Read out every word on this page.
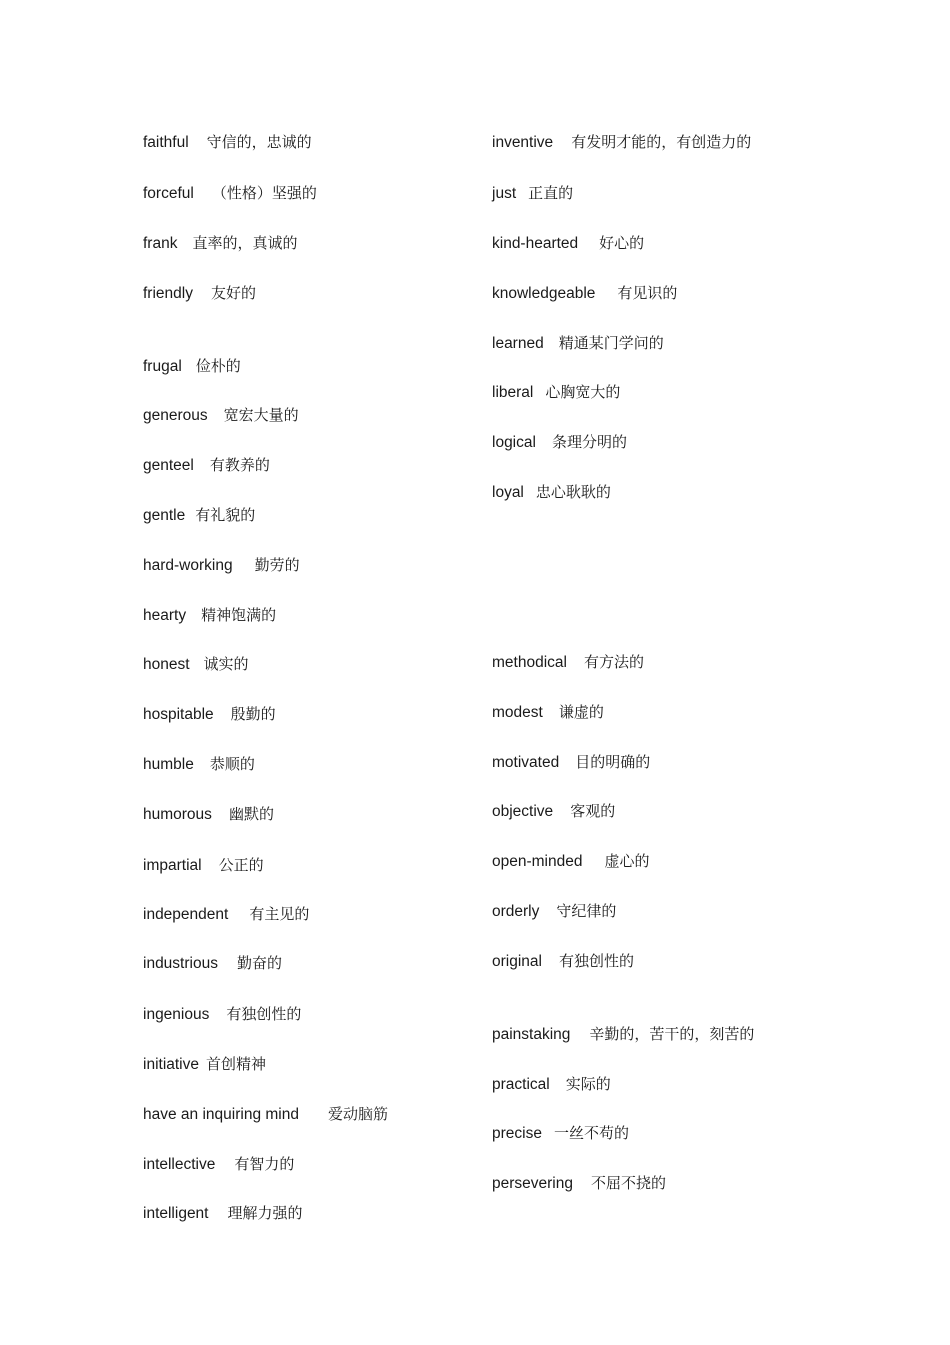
faithful 守信的，忠诚的
forceful （性格）坚强的
frank 直率的，真诚的
friendly 友好的
frugal 俭朴的
generous 宽宏大量的
genteel 有教养的
gentle 有礼貌的
hard-working 勤劳的
hearty 精神饱满的
honest 诚实的
hospitable 殷勤的
humble 恭顺的
humorous 幽默的
impartial 公正的
independent 有主见的
industrious 勤奋的
ingenious 有独创性的
initiative 首创精神
have an inquiring mind 爱动脑筋
intellective 有智力的
intelligent 理解力强的
inventive 有发明才能的，有创造力的
just 正直的
kind-hearted 好心的
knowledgeable 有见识的
learned 精通某门学问的
liberal 心胸宽大的
logical 条理分明的
loyal 忠心耿耿的
methodical 有方法的
modest 谦虚的
motivated 目的明确的
objective 客观的
open-minded 虚心的
orderly 守纪律的
original 有独创性的
painstaking 辛勤的，苦干的，刻苦的
practical 实际的
precise 一丝不苟的
persevering 不屈不挠的
